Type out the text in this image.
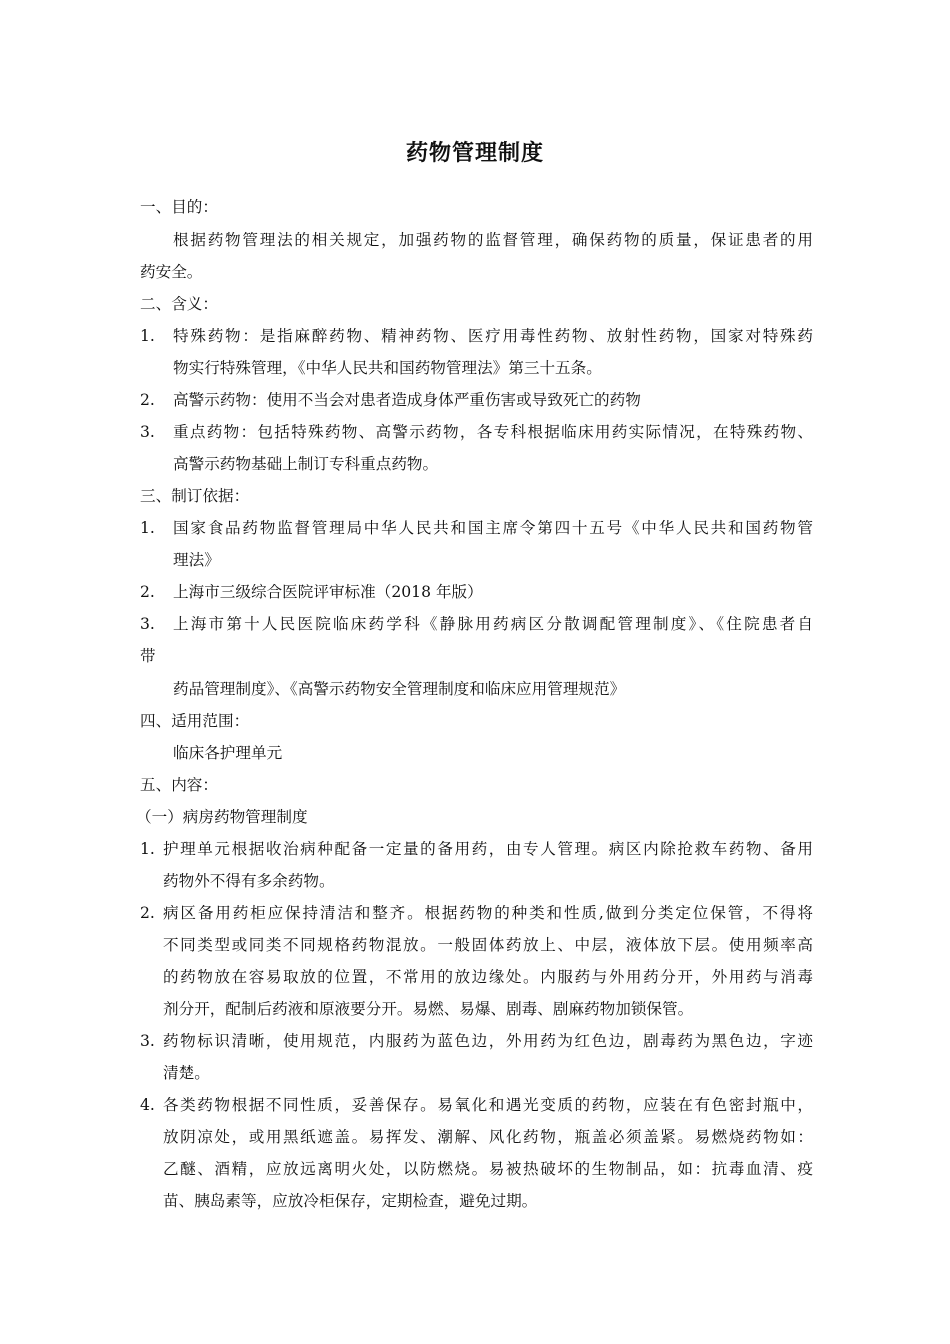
药物管理制度
一、目的：
根据药物管理法的相关规定，加强药物的监督管理，确保药物的质量，保证患者的用
药安全。
二、含义：
1. 特殊药物：是指麻醉药物、精神药物、医疗用毒性药物、放射性药物，国家对特殊药
物实行特殊管理，《中华人民共和国药物管理法》第三十五条。
2. 高警示药物：使用不当会对患者造成身体严重伤害或导致死亡的药物
3. 重点药物：包括特殊药物、高警示药物，各专科根据临床用药实际情况，在特殊药物、
高警示药物基础上制订专科重点药物。
三、制订依据：
1. 国家食品药物监督管理局中华人民共和国主席令第四十五号《中华人民共和国药物管
理法》
2. 上海市三级综合医院评审标准（2018 年版）
3. 上海市第十人民医院临床药学科《静脉用药病区分散调配管理制度》、《住院患者自
带
药品管理制度》、《高警示药物安全管理制度和临床应用管理规范》
四、适用范围：
临床各护理单元
五、内容：
（一）病房药物管理制度
1. 护理单元根据收治病种配备一定量的备用药，由专人管理。病区内除抢救车药物、备用
药物外不得有多余药物。
2. 病区备用药柜应保持清洁和整齐。根据药物的种类和性质,做到分类定位保管，不得将
不同类型或同类不同规格药物混放。一般固体药放上、中层，液体放下层。使用频率高
的药物放在容易取放的位置，不常用的放边缘处。内服药与外用药分开，外用药与消毒
剂分开，配制后药液和原液要分开。易燃、易爆、剧毒、剧麻药物加锁保管。
3. 药物标识清晰，使用规范，内服药为蓝色边，外用药为红色边，剧毒药为黑色边，字迹
清楚。
4. 各类药物根据不同性质，妥善保存。易氧化和遇光变质的药物，应装在有色密封瓶中，
放阴凉处，或用黑纸遮盖。易挥发、潮解、风化药物，瓶盖必须盖紧。易燃烧药物如：
乙醚、酒精，应放远离明火处，以防燃烧。易被热破坏的生物制品，如：抗毒血清、疫
苗、胰岛素等，应放冷柜保存，定期检查，避免过期。
